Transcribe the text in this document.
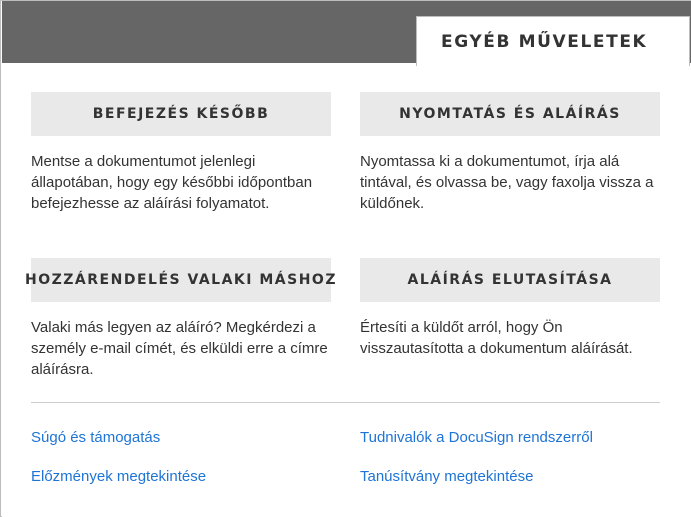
EGYÉB MŰVELETEK
BEFEJEZÉS KÉSŐBB	NYOMTATÁS ÉS ALÁÍRÁS
Mentse a dokumentumot jelenlegi állapotában, hogy egy későbbi időpontban befejezhesse az aláírási folyamatot.
Nyomtassa ki a dokumentumot, írja alá tintával, és olvassa be, vagy faxolja vissza a küldőnek.
HOZZÁRENDELÉS VALAKI MÁSHOZ	ALÁÍRÁS ELUTASÍTÁSA
Valaki más legyen az aláíró? Megkérdezi a személy e-mail címét, és elküldi erre a címre aláírásra.
Értesíti a küldőt arról, hogy Ön visszautasította a dokumentum aláírását.
Súgó és támogatás	Tudnivalók a DocuSign rendszerről
Előzmények megtekintése	Tanúsítvány megtekintése
